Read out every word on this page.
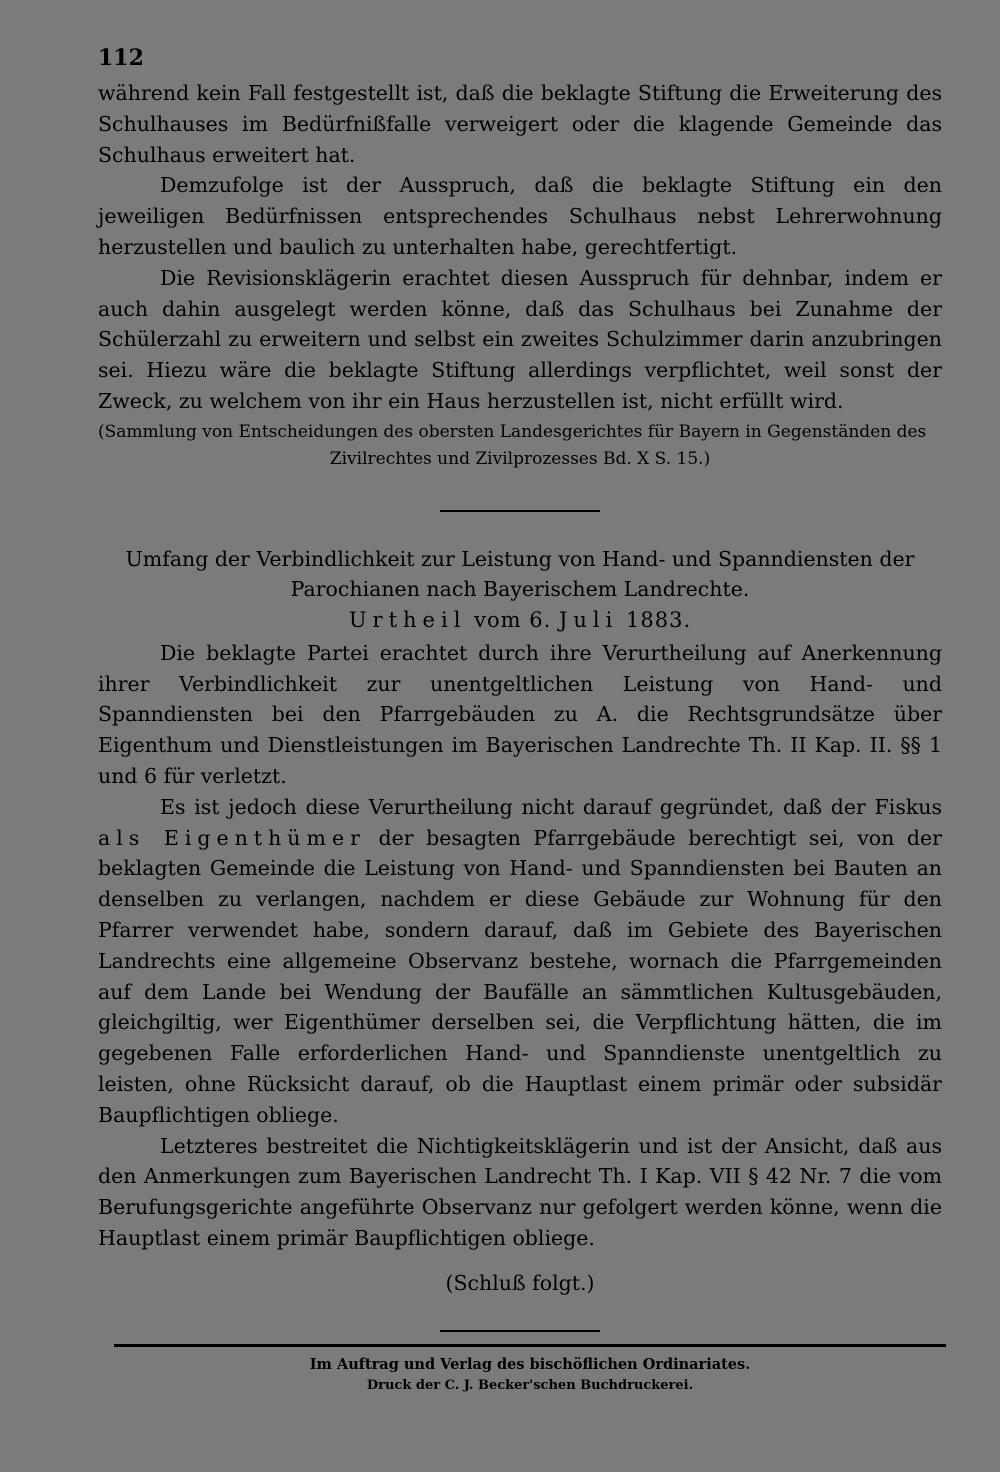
112

während kein Fall festgestellt ist, daß die beklagte Stiftung die Erweiterung des Schulhauses im Bedürfnißfalle verweigert oder die klagende Gemeinde das Schulhaus erweitert hat.

Demzufolge ist der Ausspruch, daß die beklagte Stiftung ein den jeweiligen Bedürfnissen entsprechendes Schulhaus nebst Lehrerwohnung herzustellen und baulich zu unterhalten habe, gerechtfertigt.

Die Revisionsklägerin erachtet diesen Ausspruch für dehnbar, indem er auch dahin ausgelegt werden könne, daß das Schulhaus bei Zunahme der Schülerzahl zu erweitern und selbst ein zweites Schulzimmer darin anzubringen sei. Hiezu wäre die beklagte Stiftung allerdings verpflichtet, weil sonst der Zweck, zu welchem von ihr ein Haus herzustellen ist, nicht erfüllt wird.

(Sammlung von Entscheidungen des obersten Landesgerichtes für Bayern in Gegenständen des

Zivilrechtes und Zivilprozesses Bd. X S. 15.)

Umfang der Verbindlichkeit zur Leistung von Hand- und Spanndiensten der
Parochianen nach Bayerischem Landrechte.
Urtheil vom 6. Juli 1883.

Die beklagte Partei erachtet durch ihre Verurtheilung auf Anerkennung ihrer Verbindlichkeit zur unentgeltlichen Leistung von Hand- und Spanndiensten bei den Pfarrgebäuden zu A. die Rechtsgrundsätze über Eigenthum und Dienstleistungen im Bayerischen Landrechte Th. II Kap. II. §§ 1 und 6 für verletzt.

Es ist jedoch diese Verurtheilung nicht darauf gegründet, daß der Fiskus als Eigenthümer der besagten Pfarrgebäude berechtigt sei, von der beklagten Gemeinde die Leistung von Hand- und Spanndiensten bei Bauten an denselben zu verlangen, nachdem er diese Gebäude zur Wohnung für den Pfarrer verwendet habe, sondern darauf, daß im Gebiete des Bayerischen Landrechts eine allgemeine Observanz bestehe, wornach die Pfarrgemeinden auf dem Lande bei Wendung der Baufälle an sämmtlichen Kultusgebäuden, gleichgiltig, wer Eigenthümer derselben sei, die Verpflichtung hätten, die im gegebenen Falle erforderlichen Hand- und Spanndienste unentgeltlich zu leisten, ohne Rücksicht darauf, ob die Hauptlast einem primär oder subsidär Baupflichtigen obliege.

Letzteres bestreitet die Nichtigkeitsklägerin und ist der Ansicht, daß aus den Anmerkungen zum Bayerischen Landrecht Th. I Kap. VII § 42 Nr. 7 die vom Berufungsgerichte angeführte Observanz nur gefolgert werden könne, wenn die Hauptlast einem primär Baupflichtigen obliege.

(Schluß folgt.)
Im Auftrag und Verlag des bischöflichen Ordinariates.
Druck der C. J. Becker'schen Buchdruckerei.
